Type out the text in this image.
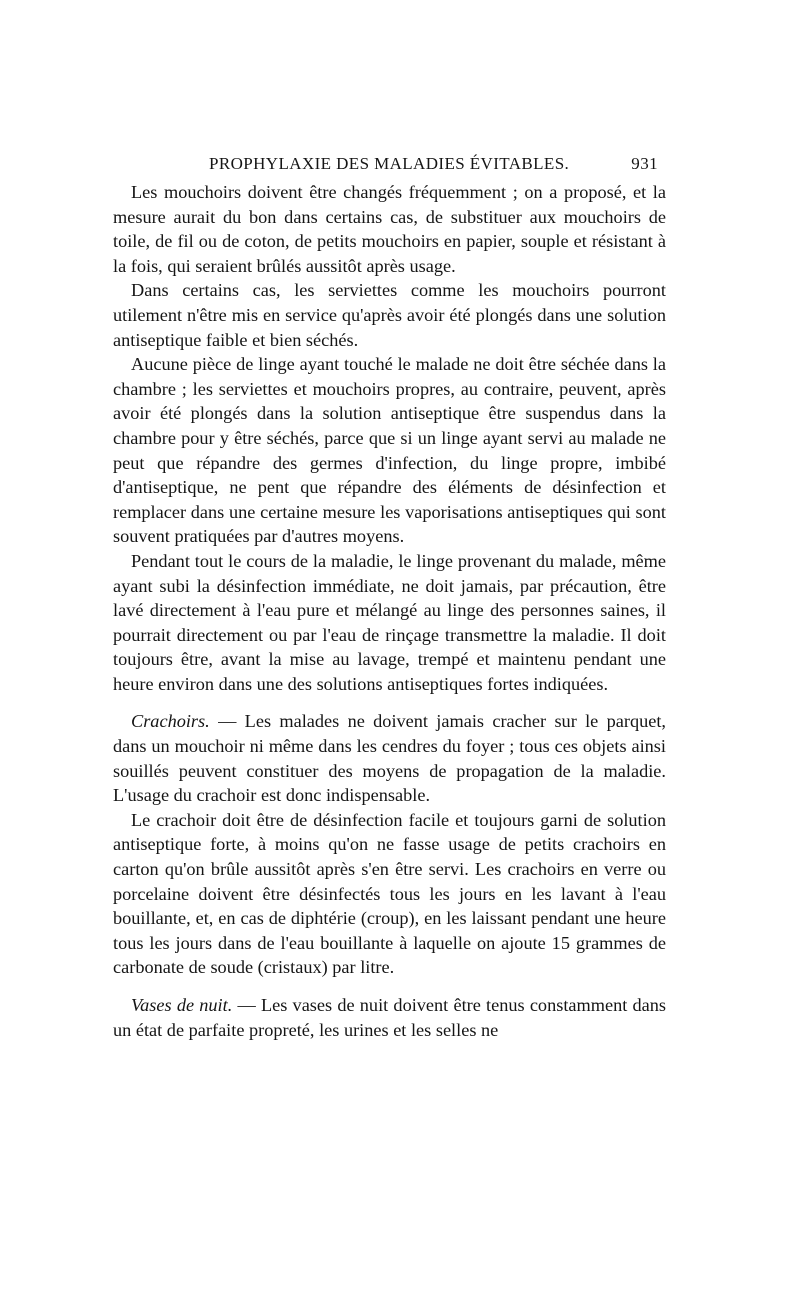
PROPHYLAXIE DES MALADIES ÉVITABLES.	931

Les mouchoirs doivent être changés fréquemment ; on a proposé, et la mesure aurait du bon dans certains cas, de substituer aux mouchoirs de toile, de fil ou de coton, de petits mouchoirs en papier, souple et résistant à la fois, qui seraient brûlés aussitôt après usage.

Dans certains cas, les serviettes comme les mouchoirs pourront utilement n'être mis en service qu'après avoir été plongés dans une solution antiseptique faible et bien séchés.

Aucune pièce de linge ayant touché le malade ne doit être séchée dans la chambre ; les serviettes et mouchoirs propres, au contraire, peuvent, après avoir été plongés dans la solution antiseptique être suspendus dans la chambre pour y être séchés, parce que si un linge ayant servi au malade ne peut que répandre des germes d'infection, du linge propre, imbibé d'antiseptique, ne pent que répandre des éléments de désinfection et remplacer dans une certaine mesure les vaporisations antiseptiques qui sont souvent pratiquées par d'autres moyens.

Pendant tout le cours de la maladie, le linge provenant du malade, même ayant subi la désinfection immédiate, ne doit jamais, par précaution, être lavé directement à l'eau pure et mélangé au linge des personnes saines, il pourrait directement ou par l'eau de rinçage transmettre la maladie. Il doit toujours être, avant la mise au lavage, trempé et maintenu pendant une heure environ dans une des solutions antiseptiques fortes indiquées.

Crachoirs. — Les malades ne doivent jamais cracher sur le parquet, dans un mouchoir ni même dans les cendres du foyer ; tous ces objets ainsi souillés peuvent constituer des moyens de propagation de la maladie. L'usage du crachoir est donc indispensable.

Le crachoir doit être de désinfection facile et toujours garni de solution antiseptique forte, à moins qu'on ne fasse usage de petits crachoirs en carton qu'on brûle aussitôt après s'en être servi. Les crachoirs en verre ou porcelaine doivent être désinfectés tous les jours en les lavant à l'eau bouillante, et, en cas de diphtérie (croup), en les laissant pendant une heure tous les jours dans de l'eau bouillante à laquelle on ajoute 15 grammes de carbonate de soude (cristaux) par litre.

Vases de nuit. — Les vases de nuit doivent être tenus constamment dans un état de parfaite propreté, les urines et les selles ne
